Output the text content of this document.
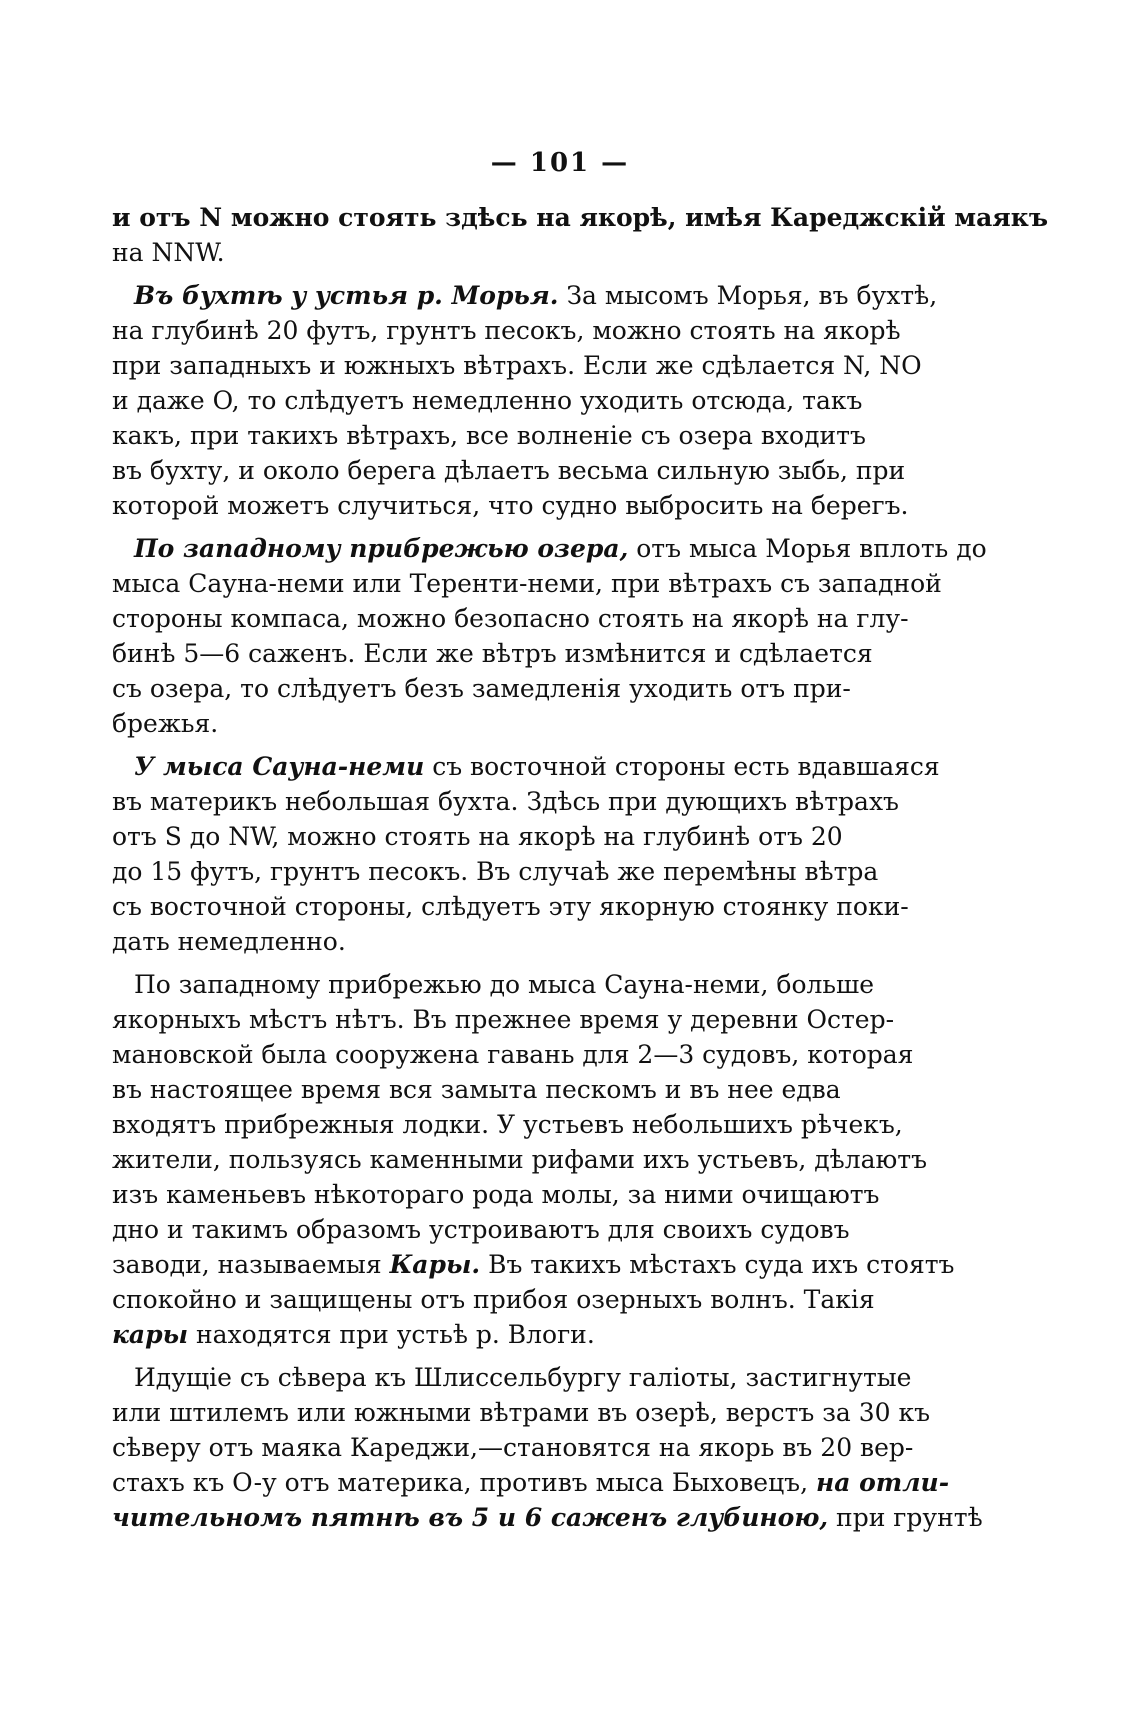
— 101 —
и отъ N можно стоять здѣсь на якорѣ, имѣя Кареджскій маякъ
на NNW.
Въ бухтѣ у устья р. Морья. За мысомъ Морья, въ бухтѣ,
на глубинѣ 20 футъ, грунтъ песокъ, можно стоять на якорѣ
при западныхъ и южныхъ вѣтрахъ. Если же сдѣлается N, NO
и даже O, то слѣдуетъ немедленно уходить отсюда, такъ
какъ, при такихъ вѣтрахъ, все волненіе съ озера входитъ
въ бухту, и около берега дѣлаетъ весьма сильную зыбь, при
которой можетъ случиться, что судно выбросить на берегъ.
По западному прибрежью озера, отъ мыса Морья вплоть до
мыса Сауна-неми или Теренти-неми, при вѣтрахъ съ западной
стороны компаса, можно безопасно стоять на якорѣ на глу-
бинѣ 5—6 саженъ. Если же вѣтръ измѣнится и сдѣлается
съ озера, то слѣдуетъ безъ замедленія уходить отъ при-
брежья.
У мыса Сауна-неми съ восточной стороны есть вдавшаяся
въ материкъ небольшая бухта. Здѣсь при дующихъ вѣтрахъ
отъ S до NW, можно стоять на якорѣ на глубинѣ отъ 20
до 15 футъ, грунтъ песокъ. Въ случаѣ же перемѣны вѣтра
съ восточной стороны, слѣдуетъ эту якорную стоянку поки-
дать немедленно.
По западному прибрежью до мыса Сауна-неми, больше
якорныхъ мѣстъ нѣтъ. Въ прежнее время у деревни Остер-
мановской была сооружена гавань для 2—3 судовъ, которая
въ настоящее время вся замыта пескомъ и въ нее едва
входятъ прибрежныя лодки. У устьевъ небольшихъ рѣчекъ,
жители, пользуясь каменными рифами ихъ устьевъ, дѣлаютъ
изъ каменьевъ нѣкотораго рода молы, за ними очищаютъ
дно и такимъ образомъ устроиваютъ для своихъ судовъ
заводи, называемыя Кары. Въ такихъ мѣстахъ суда ихъ стоятъ
спокойно и защищены отъ прибоя озерныхъ волнъ. Такія
кары находятся при устьѣ р. Влоги.
Идущіе съ сѣвера къ Шлиссельбургу галіоты, застигнутые
или штилемъ или южными вѣтрами въ озерѣ, верстъ за 30 къ
сѣверу отъ маяка Кареджи,—становятся на якорь въ 20 вер-
стахъ къ O-у отъ материка, противъ мыса Быховецъ, на отли-
чительномъ пятнѣ въ 5 и 6 саженъ глубиною, при грунтѣ
